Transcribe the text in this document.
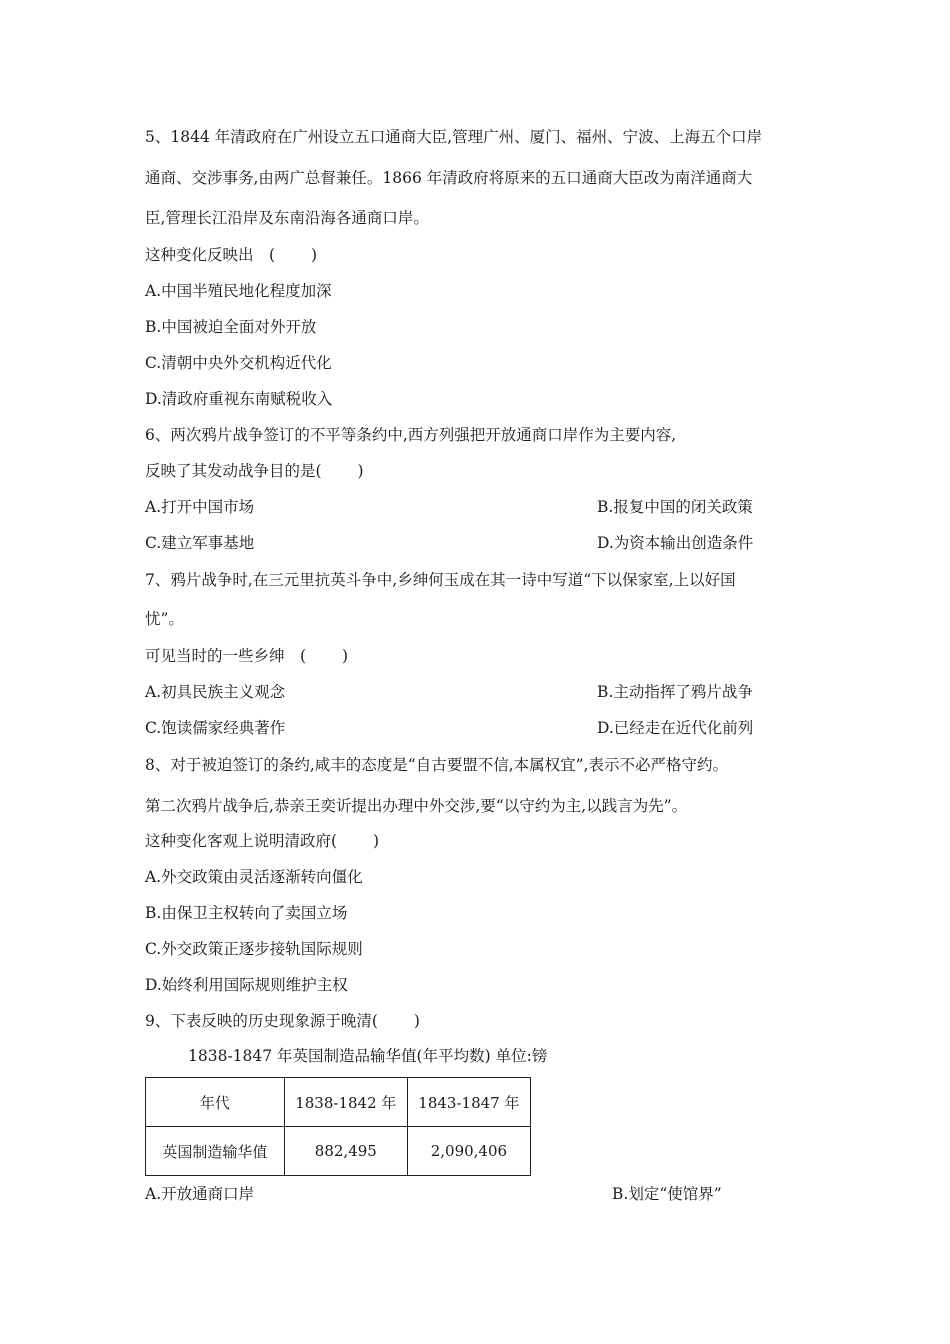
5、1844 年清政府在广州设立五口通商大臣,管理广州、厦门、福州、宁波、上海五个口岸
通商、交涉事务,由两广总督兼任。1866 年清政府将原来的五口通商大臣改为南洋通商大
臣,管理长江沿岸及东南沿海各通商口岸。
这种变化反映出　(　　 )
A.中国半殖民地化程度加深
B.中国被迫全面对外开放
C.清朝中央外交机构近代化
D.清政府重视东南赋税收入
6、两次鸦片战争签订的不平等条约中,西方列强把开放通商口岸作为主要内容,
反映了其发动战争目的是(　　 )
A.打开中国市场	B.报复中国的闭关政策
C.建立军事基地	D.为资本输出创造条件
7、鸦片战争时,在三元里抗英斗争中,乡绅何玉成在其一诗中写道“下以保家室,上以好国
忧”。
可见当时的一些乡绅　(　　 )
A.初具民族主义观念	B.主动指挥了鸦片战争
C.饱读儒家经典著作	D.已经走在近代化前列
8、对于被迫签订的条约,咸丰的态度是“自古要盟不信,本属权宜”,表示不必严格守约。
第二次鸦片战争后,恭亲王奕䜣提出办理中外交涉,要“以守约为主,以践言为先”。
这种变化客观上说明清政府(　　 )
A.外交政策由灵活逐渐转向僵化
B.由保卫主权转向了卖国立场
C.外交政策正逐步接轨国际规则
D.始终利用国际规则维护主权
9、下表反映的历史现象源于晚清(　　 )
1838-1847 年英国制造品输华值(年平均数) 单位:镑
年代	1838-1842 年	1843-1847 年
英国制造输华值	882,495	2,090,406
A.开放通商口岸	B.划定“使馆界”
